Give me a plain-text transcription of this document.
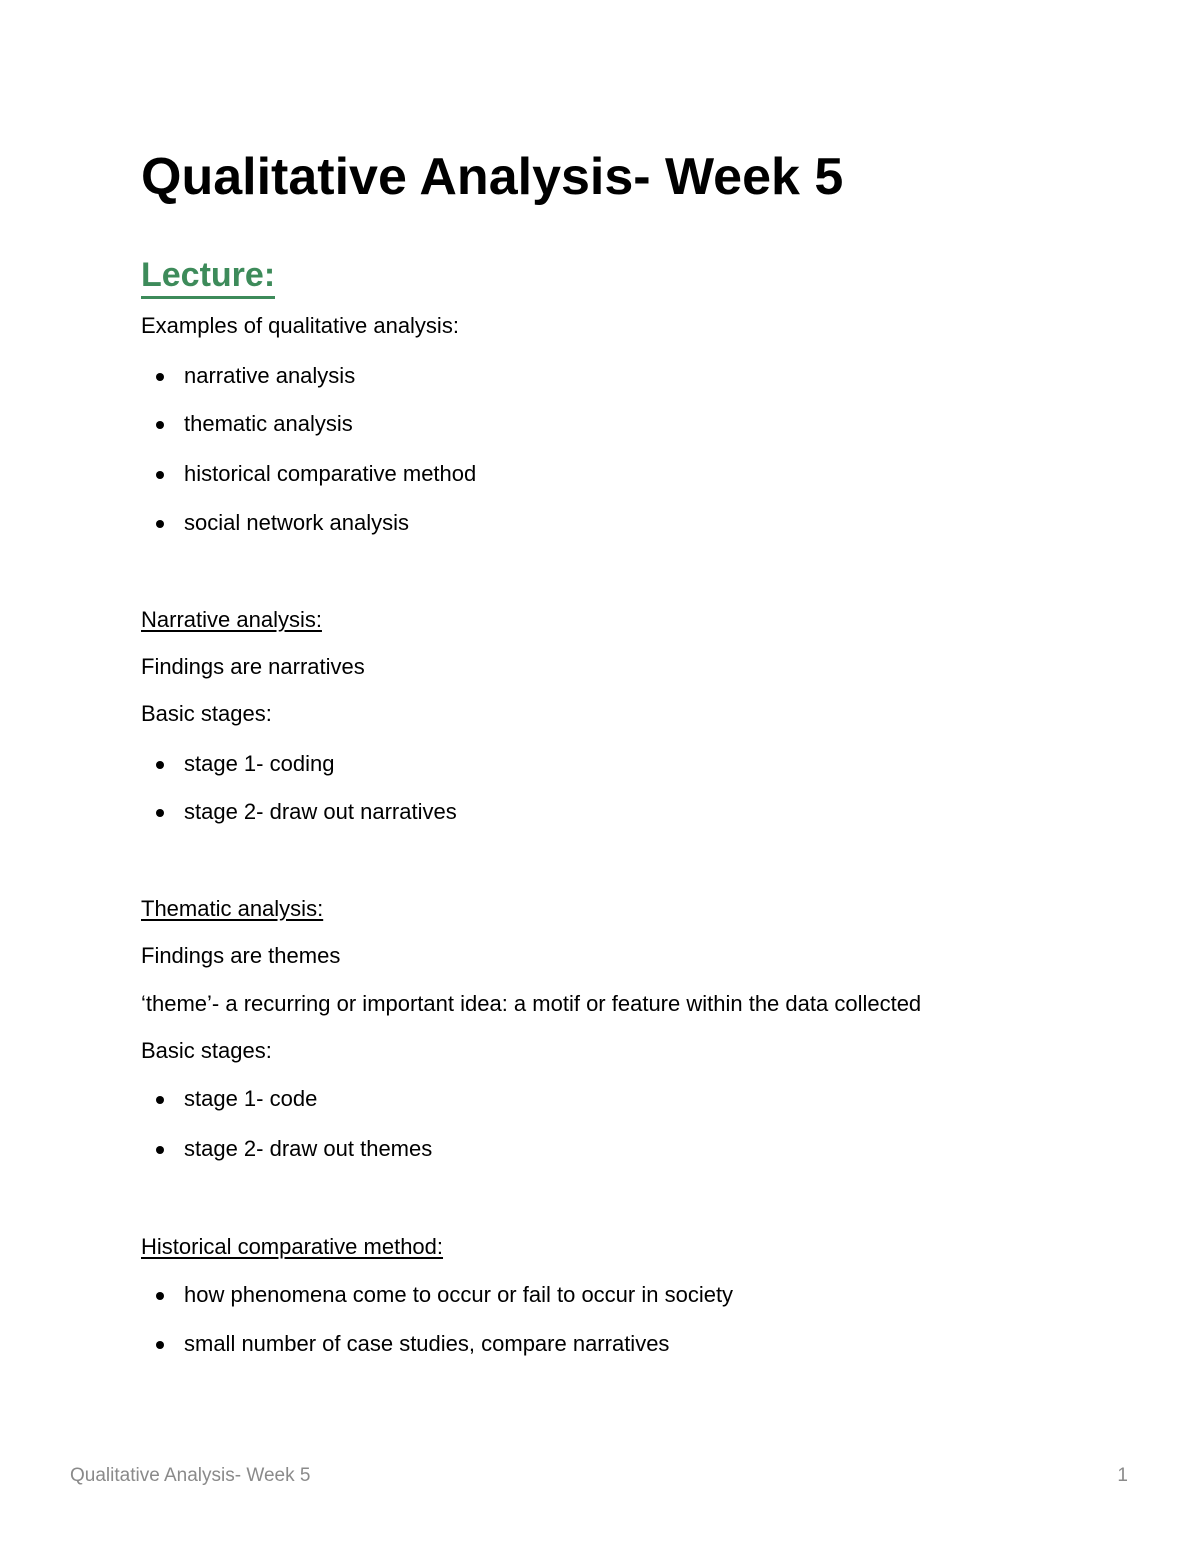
Qualitative Analysis- Week 5
Lecture:

Examples of qualitative analysis:

narrative analysis

thematic analysis

historical comparative method

social network analysis

Narrative analysis:

Findings are narratives

Basic stages:

stage 1- coding

stage 2- draw out narratives

Thematic analysis:

Findings are themes

‘theme’- a recurring or important idea: a motif or feature within the data collected

Basic stages:

stage 1- code

stage 2- draw out themes

Historical comparative method:

how phenomena come to occur or fail to occur in society

small number of case studies, compare narratives

Qualitative Analysis- Week 5	1
